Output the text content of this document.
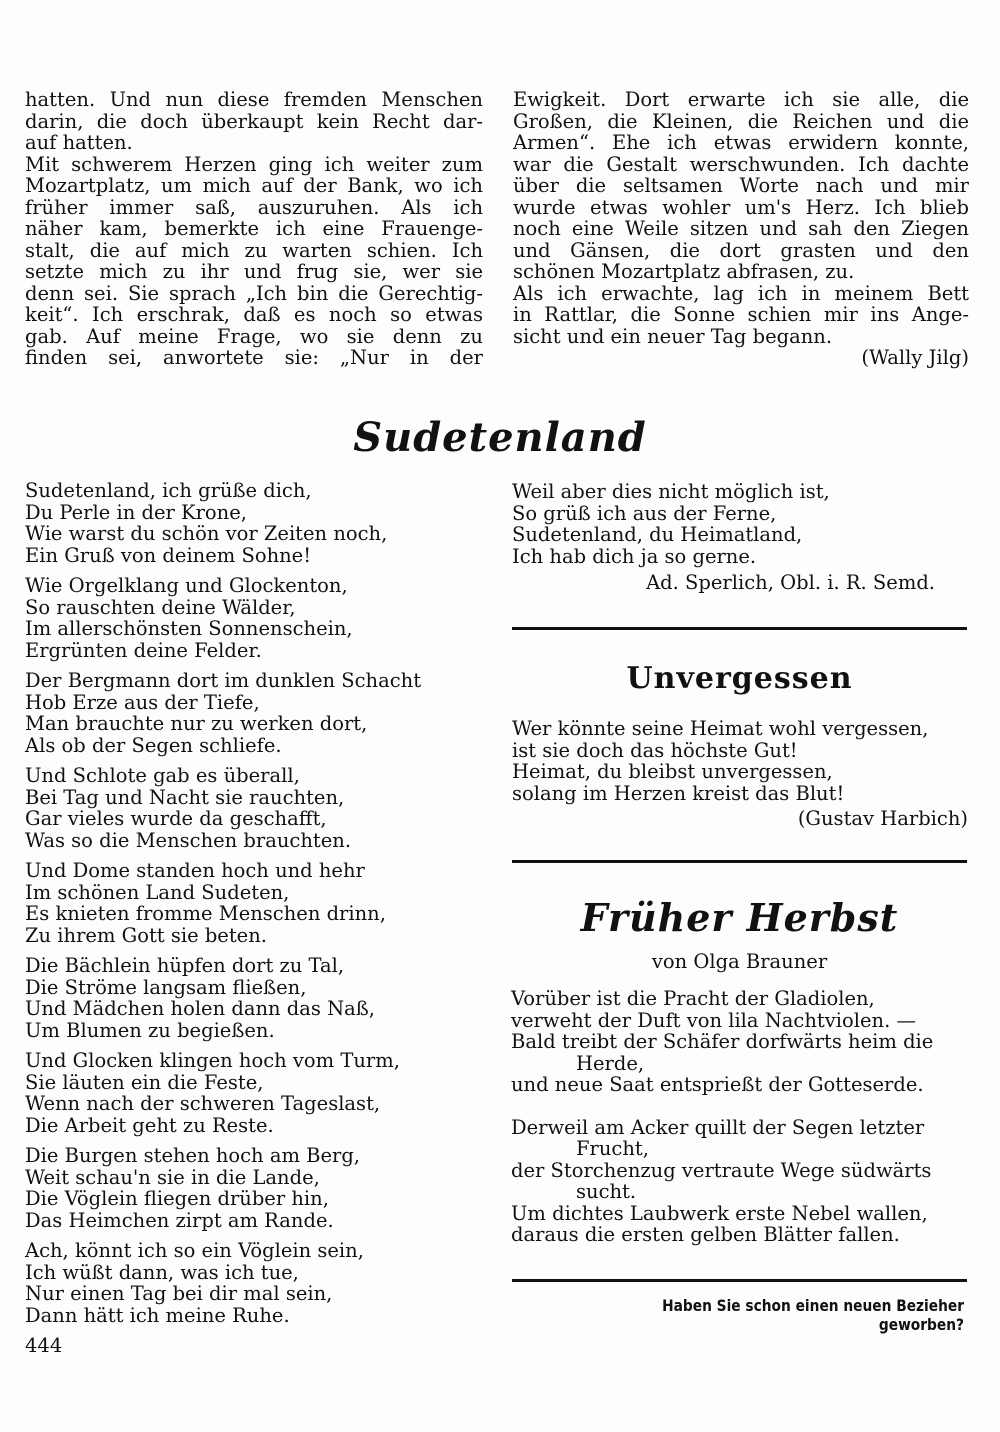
hatten. Und nun diese fremden Menschen
darin, die doch überkaupt kein Recht dar-
auf hatten.
Mit schwerem Herzen ging ich weiter zum
Mozartplatz, um mich auf der Bank, wo ich
früher immer saß, auszuruhen. Als ich
näher kam, bemerkte ich eine Frauenge-
stalt, die auf mich zu warten schien. Ich
setzte mich zu ihr und frug sie, wer sie
denn sei. Sie sprach „Ich bin die Gerechtig-
keit“. Ich erschrak, daß es noch so etwas
gab. Auf meine Frage, wo sie denn zu
finden sei, anwortete sie: „Nur in der
Ewigkeit. Dort erwarte ich sie alle, die
Großen, die Kleinen, die Reichen und die
Armen“. Ehe ich etwas erwidern konnte,
war die Gestalt werschwunden. Ich dachte
über die seltsamen Worte nach und mir
wurde etwas wohler um's Herz. Ich blieb
noch eine Weile sitzen und sah den Ziegen
und Gänsen, die dort grasten und den
schönen Mozartplatz abfrasen, zu.
Als ich erwachte, lag ich in meinem Bett
in Rattlar, die Sonne schien mir ins Ange-
sicht und ein neuer Tag begann.
(Wally Jilg)
Sudetenland
Sudetenland, ich grüße dich,
Du Perle in der Krone,
Wie warst du schön vor Zeiten noch,
Ein Gruß von deinem Sohne!
Wie Orgelklang und Glockenton,
So rauschten deine Wälder,
Im allerschönsten Sonnenschein,
Ergrünten deine Felder.
Der Bergmann dort im dunklen Schacht
Hob Erze aus der Tiefe,
Man brauchte nur zu werken dort,
Als ob der Segen schliefe.
Und Schlote gab es überall,
Bei Tag und Nacht sie rauchten,
Gar vieles wurde da geschafft,
Was so die Menschen brauchten.
Und Dome standen hoch und hehr
Im schönen Land Sudeten,
Es knieten fromme Menschen drinn,
Zu ihrem Gott sie beten.
Die Bächlein hüpfen dort zu Tal,
Die Ströme langsam fließen,
Und Mädchen holen dann das Naß,
Um Blumen zu begießen.
Und Glocken klingen hoch vom Turm,
Sie läuten ein die Feste,
Wenn nach der schweren Tageslast,
Die Arbeit geht zu Reste.
Die Burgen stehen hoch am Berg,
Weit schau'n sie in die Lande,
Die Vöglein fliegen drüber hin,
Das Heimchen zirpt am Rande.
Ach, könnt ich so ein Vöglein sein,
Ich wüßt dann, was ich tue,
Nur einen Tag bei dir mal sein,
Dann hätt ich meine Ruhe.
Weil aber dies nicht möglich ist,
So grüß ich aus der Ferne,
Sudetenland, du Heimatland,
Ich hab dich ja so gerne.
Ad. Sperlich, Obl. i. R. Semd.
Unvergessen
Wer könnte seine Heimat wohl vergessen,
ist sie doch das höchste Gut!
Heimat, du bleibst unvergessen,
solang im Herzen kreist das Blut!
(Gustav Harbich)
Früher Herbst
von Olga Brauner
Vorüber ist die Pracht der Gladiolen,
verweht der Duft von lila Nachtviolen. —
Bald treibt der Schäfer dorfwärts heim die
Herde,
und neue Saat entsprießt der Gotteserde.
Derweil am Acker quillt der Segen letzter
Frucht,
der Storchenzug vertraute Wege südwärts
sucht.
Um dichtes Laubwerk erste Nebel wallen,
daraus die ersten gelben Blätter fallen.
Haben Sie schon einen neuen Bezieher geworben?
444
